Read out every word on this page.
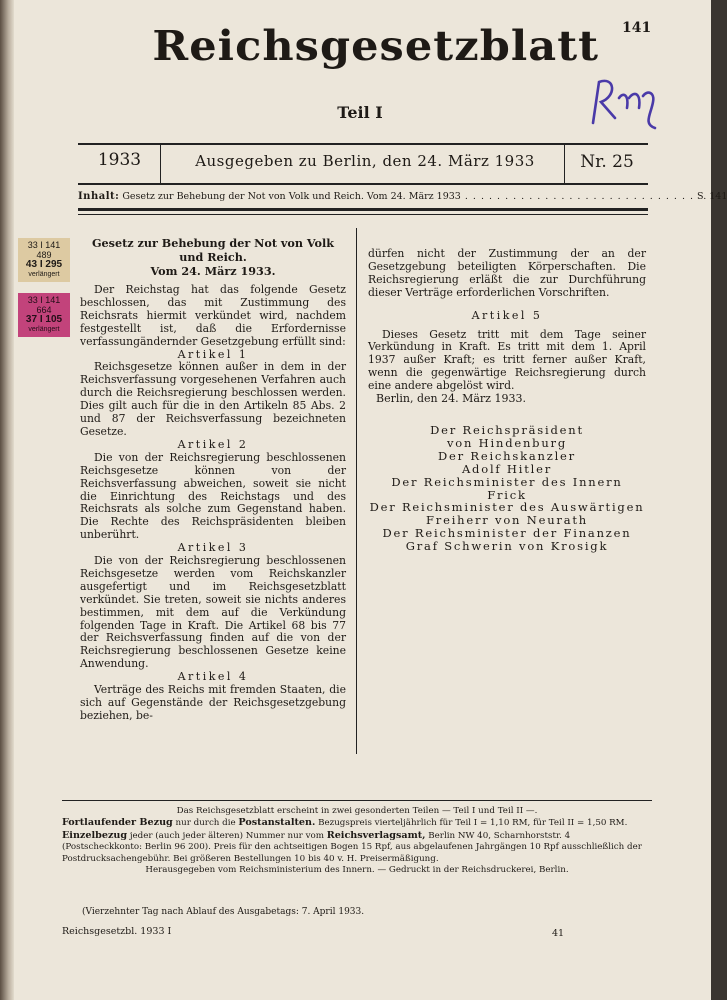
141
Reichsgesetzblatt
Teil I
1933	Ausgegeben zu Berlin, den 24. März 1933	Nr. 25
Inhalt: Gesetz zur Behebung der Not von Volk und Reich. Vom 24. März 1933 . . . . . . . . . . . . . . . . . . . . . . . . . . . . . S. 141
33 I 141
489
43 I 295
verlängert
33 I 141
664
37 I 105
verlängert

Gesetz zur Behebung der Not von Volk und Reich.

Vom 24. März 1933.

Der Reichstag hat das folgende Gesetz beschlossen, das mit Zustimmung des Reichsrats hiermit verkündet wird, nachdem festgestellt ist, daß die Erfordernisse verfassungändernder Gesetzgebung erfüllt sind:

Artikel 1

Reichsgesetze können außer in dem in der Reichsverfassung vorgesehenen Verfahren auch durch die Reichsregierung beschlossen werden. Dies gilt auch für die in den Artikeln 85 Abs. 2 und 87 der Reichsverfassung bezeichneten Gesetze.

Artikel 2

Die von der Reichsregierung beschlossenen Reichsgesetze können von der Reichsverfassung abweichen, soweit sie nicht die Einrichtung des Reichstags und des Reichsrats als solche zum Gegenstand haben. Die Rechte des Reichspräsidenten bleiben unberührt.

Artikel 3

Die von der Reichsregierung beschlossenen Reichsgesetze werden vom Reichskanzler ausgefertigt und im Reichsgesetzblatt verkündet. Sie treten, soweit sie nichts anderes bestimmen, mit dem auf die Verkündung folgenden Tage in Kraft. Die Artikel 68 bis 77 der Reichsverfassung finden auf die von der Reichsregierung beschlossenen Gesetze keine Anwendung.

Artikel 4

Verträge des Reichs mit fremden Staaten, die sich auf Gegenstände der Reichsgesetzgebung beziehen, be-

dürfen nicht der Zustimmung der an der Gesetzgebung beteiligten Körperschaften. Die Reichsregierung erläßt die zur Durchführung dieser Verträge erforderlichen Vorschriften.

Artikel 5

Dieses Gesetz tritt mit dem Tage seiner Verkündung in Kraft. Es tritt mit dem 1. April 1937 außer Kraft; es tritt ferner außer Kraft, wenn die gegenwärtige Reichsregierung durch eine andere abgelöst wird.

Berlin, den 24. März 1933.

Der Reichspräsident

von Hindenburg

Der Reichskanzler

Adolf Hitler

Der Reichsminister des Innern

Frick

Der Reichsminister des Auswärtigen

Freiherr von Neurath

Der Reichsminister der Finanzen

Graf Schwerin von Krosigk

Das Reichsgesetzblatt erscheint in zwei gesonderten Teilen — Teil I und Teil II —.

Fortlaufender Bezug nur durch die Postanstalten. Bezugspreis vierteljährlich für Teil I = 1,10 RM, für Teil II = 1,50 RM.

Einzelbezug jeder (auch jeder älteren) Nummer nur vom Reichsverlagsamt, Berlin NW 40, Scharnhorststr. 4 (Postscheckkonto: Berlin 96 200). Preis für den achtseitigen Bogen 15 Rpf, aus abgelaufenen Jahrgängen 10 Rpf ausschließlich der Postdrucksachengebühr. Bei größeren Bestellungen 10 bis 40 v. H. Preisermäßigung.

Herausgegeben vom Reichsministerium des Innern. — Gedruckt in der Reichsdruckerei, Berlin.

(Vierzehnter Tag nach Ablauf des Ausgabetags: 7. April 1933.
Reichsgesetzbl. 1933 I	41
